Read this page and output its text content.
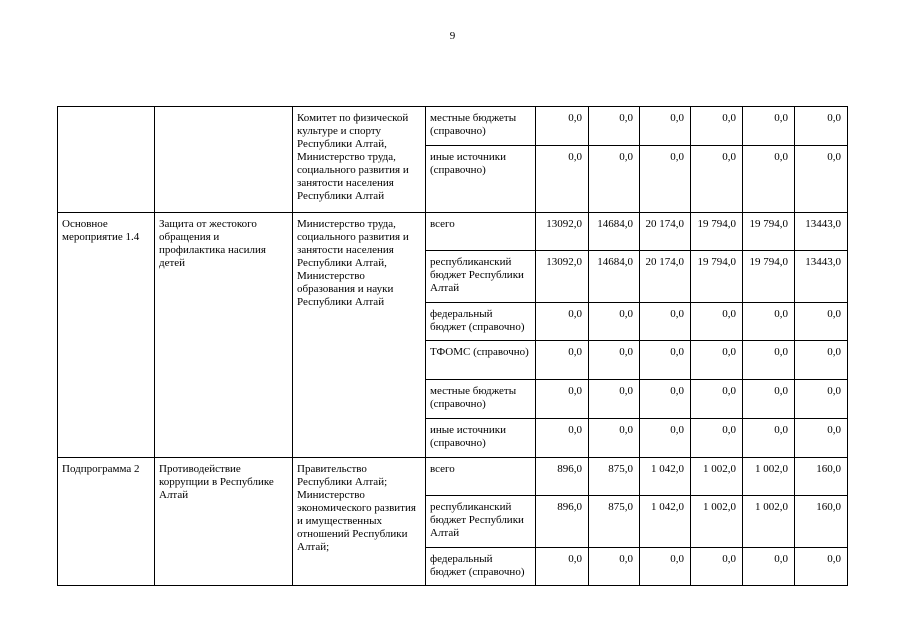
9
		Комитет по физической культуре и спорту Республики Алтай, Министерство труда, социального развития и занятости населения Республики Алтай	местные бюджеты (справочно)	0,0	0,0	0,0	0,0	0,0	0,0
			иные источники (справочно)	0,0	0,0	0,0	0,0	0,0	0,0
Основное мероприятие 1.4	Защита от жестокого обращения и профилактика насилия детей	Министерство труда, социального развития и занятости населения Республики Алтай, Министерство образования и науки Республики Алтай	всего	13092,0	14684,0	20 174,0	19 794,0	19 794,0	13443,0
			республиканский бюджет Республики Алтай	13092,0	14684,0	20 174,0	19 794,0	19 794,0	13443,0
			федеральный бюджет (справочно)	0,0	0,0	0,0	0,0	0,0	0,0
			ТФОМС (справочно)	0,0	0,0	0,0	0,0	0,0	0,0
			местные бюджеты (справочно)	0,0	0,0	0,0	0,0	0,0	0,0
			иные источники (справочно)	0,0	0,0	0,0	0,0	0,0	0,0
Подпрограмма 2	Противодействие коррупции в Республике Алтай	Правительство Республики Алтай; Министерство экономического развития и имущественных отношений Республики Алтай;	всего	896,0	875,0	1 042,0	1 002,0	1 002,0	160,0
			республиканский бюджет Республики Алтай	896,0	875,0	1 042,0	1 002,0	1 002,0	160,0
			федеральный бюджет (справочно)	0,0	0,0	0,0	0,0	0,0	0,0
